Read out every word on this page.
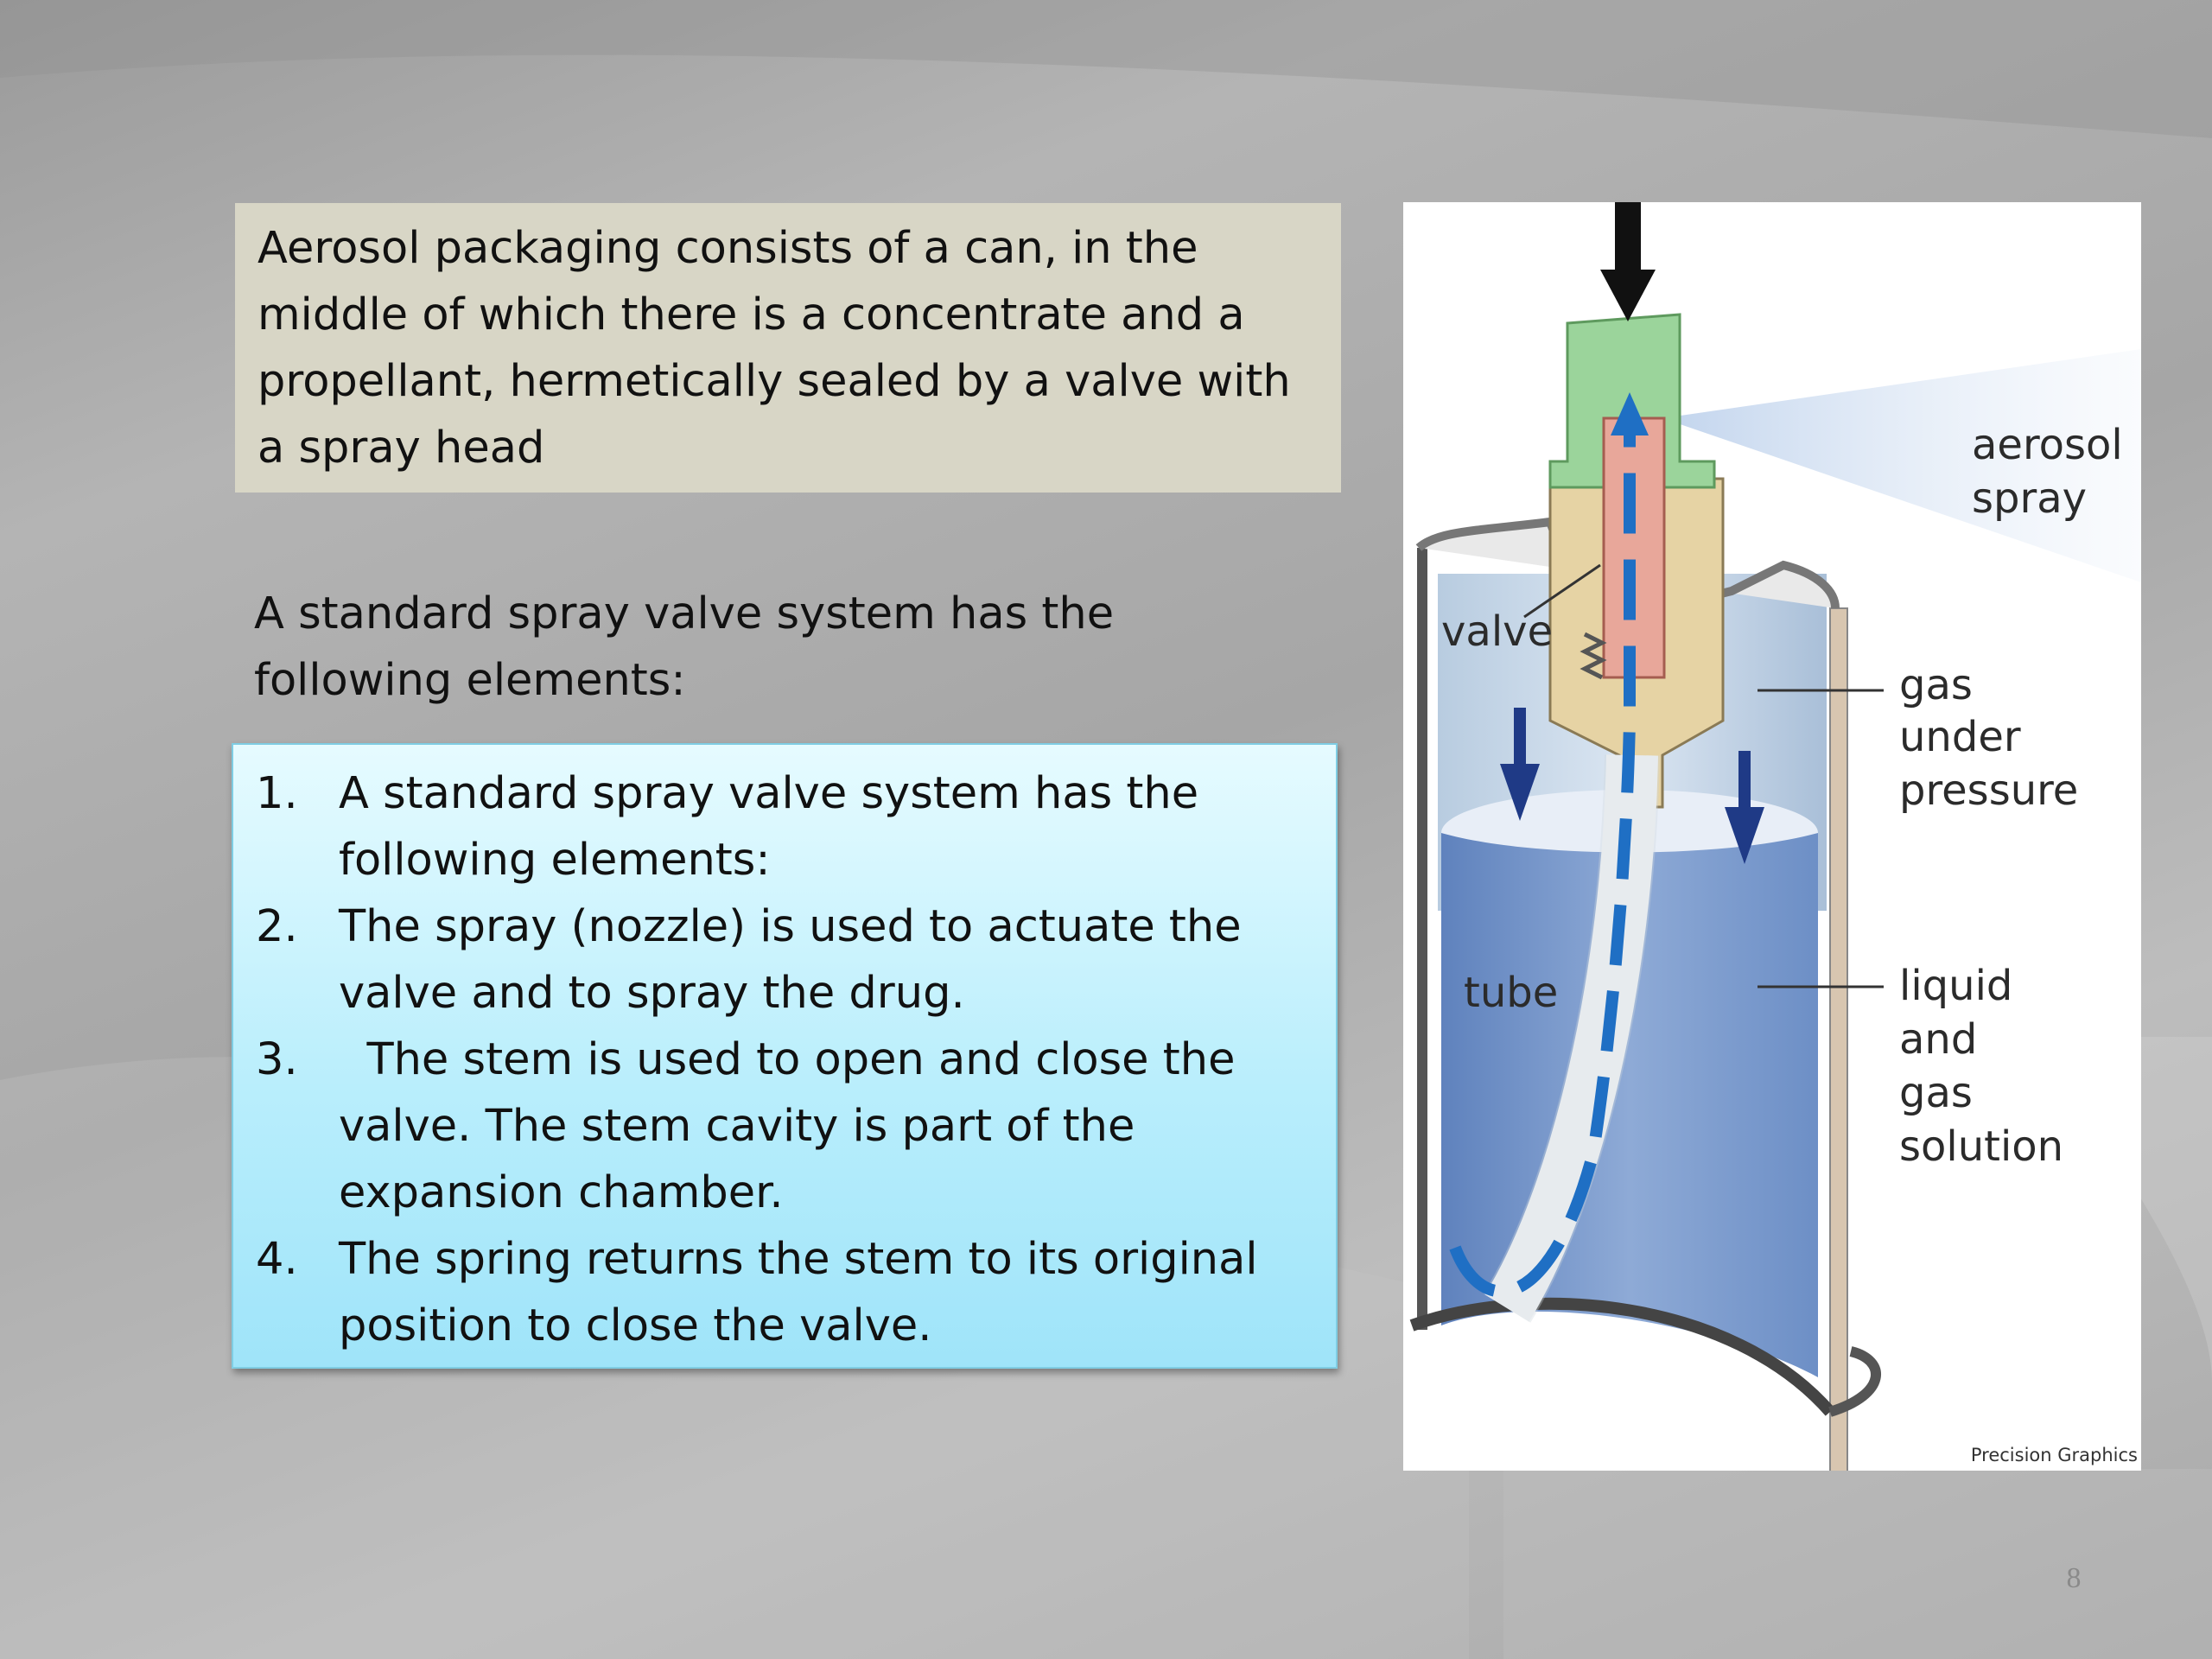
Aerosol packaging consists of a can, in the middle of which there is a concentrate and a propellant, hermetically sealed by a valve with a spray head
A standard spray valve system has the following elements:
1. A standard spray valve system has the following elements:
2. The spray (nozzle) is used to actuate the valve and to spray the drug.
3. The stem is used to open and close the valve. The stem cavity is part of the expansion chamber.
4. The spring returns the stem to its original position to close the valve.
aerosol
spray
valve
gas
under
pressure
tube	liquid
and
gas
solution
Precision Graphics
8
